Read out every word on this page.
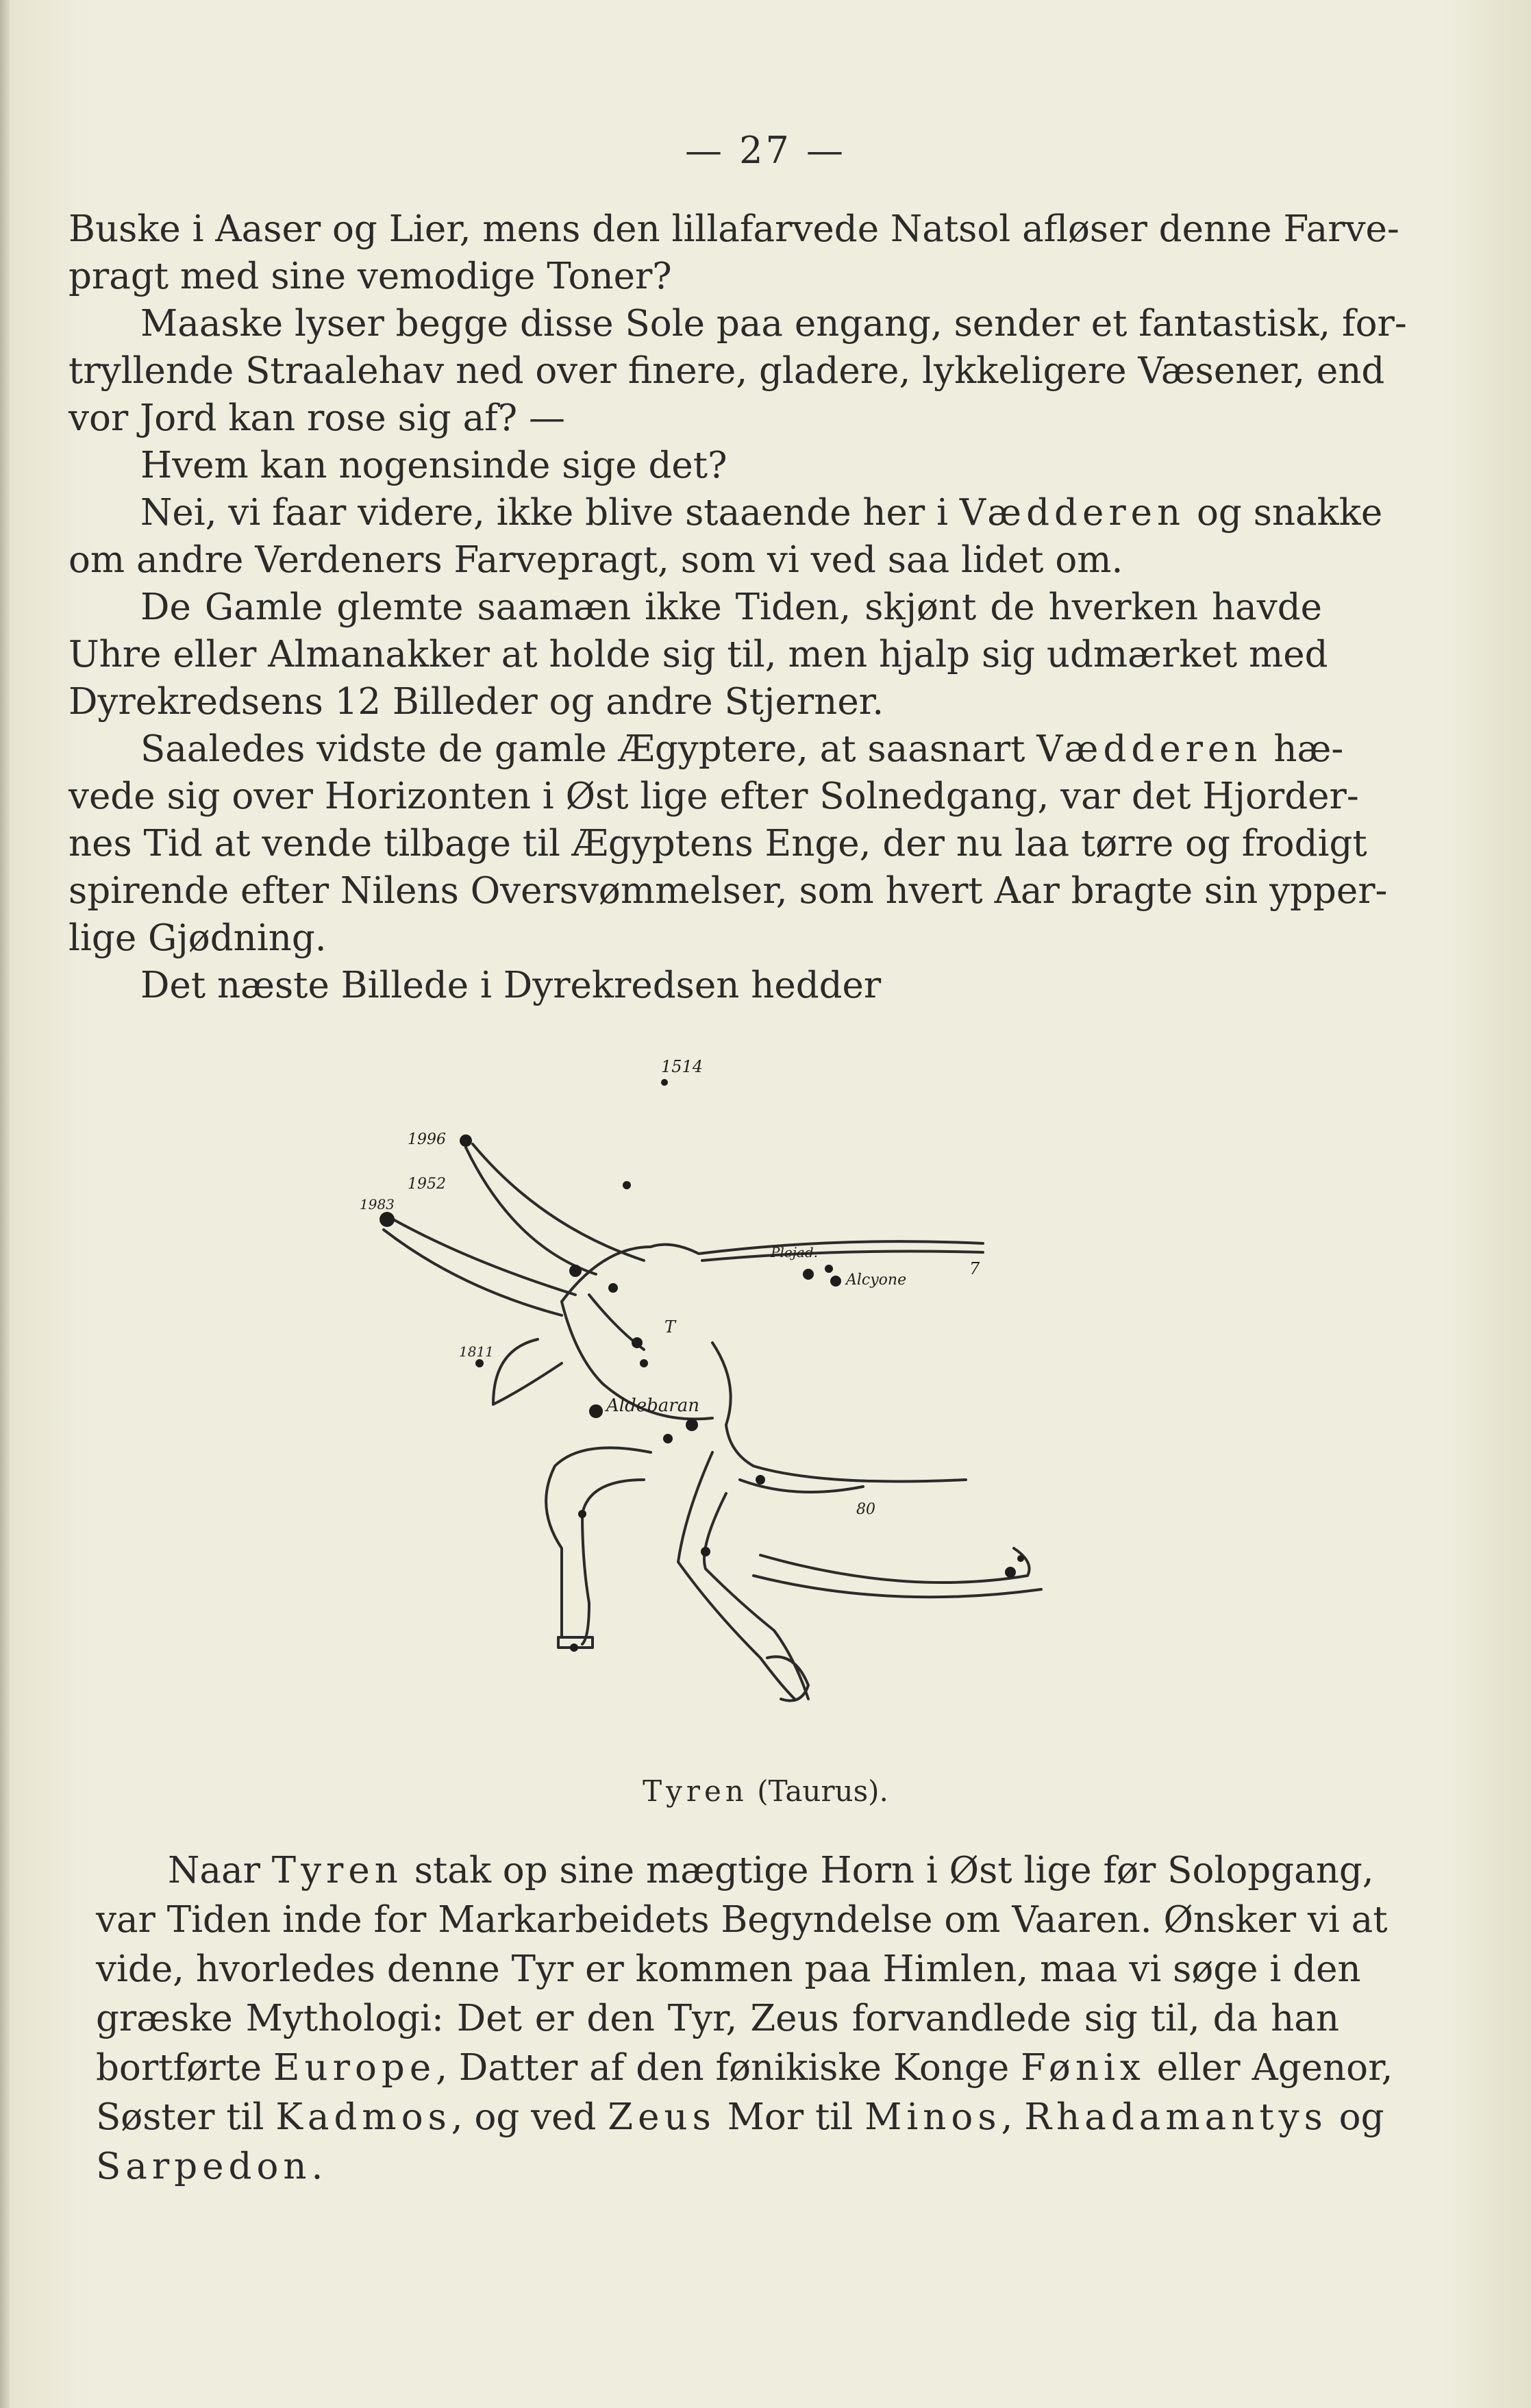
— 27 —
Buske i Aaser og Lier, mens den lillafarvede Natsol afløser denne Farve-
pragt med sine vemodige Toner?
Maaske lyser begge disse Sole paa engang, sender et fantastisk, for-
tryllende Straalehav ned over finere, gladere, lykkeligere Væsener, end
vor Jord kan rose sig af? —
Hvem kan nogensinde sige det?
Nei, vi faar videre, ikke blive staaende her i Vædderen og snakke
om andre Verdeners Farvepragt, som vi ved saa lidet om.
De Gamle glemte saamæn ikke Tiden, skjønt de hverken havde
Uhre eller Almanakker at holde sig til, men hjalp sig udmærket med
Dyrekredsens 12 Billeder og andre Stjerner.
Saaledes vidste de gamle Ægyptere, at saasnart Vædderen hæ-
vede sig over Horizonten i Øst lige efter Solnedgang, var det Hjorder-
nes Tid at vende tilbage til Ægyptens Enge, der nu laa tørre og frodigt
spirende efter Nilens Oversvømmelser, som hvert Aar bragte sin ypper-
lige Gjødning.
Det næste Billede i Dyrekredsen hedder
1514
1996
1952
1983
1811
Plejad.
Alcyone
7
Aldebaran
T
80
Tyren (Taurus).
Naar Tyren stak op sine mægtige Horn i Øst lige før Solopgang,
var Tiden inde for Markarbeidets Begyndelse om Vaaren. Ønsker vi at
vide, hvorledes denne Tyr er kommen paa Himlen, maa vi søge i den
græske Mythologi: Det er den Tyr, Zeus forvandlede sig til, da han
bortførte Europe, Datter af den fønikiske Konge Fønix eller Agenor,
Søster til Kadmos, og ved Zeus Mor til Minos, Rhadamantys og
Sarpedon.
